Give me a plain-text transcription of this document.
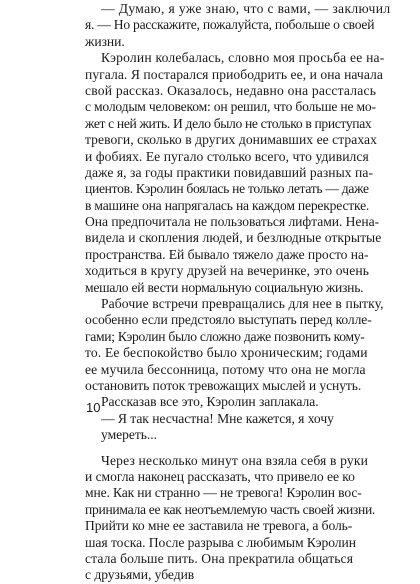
— Думаю, я уже знаю, что с вами, — заключил
я. — Но расскажите, пожалуйста, побольше о своей
жизни.
Кэролин колебалась, словно моя просьба ее на-
пугала. Я постарался приободрить ее, и она начала
свой рассказ. Оказалось, недавно она рассталась
с молодым человеком: он решил, что больше не мо-
жет с ней жить. И дело было не столько в приступах
тревоги, сколько в других донимавших ее страхах
и фобиях. Ее пугало столько всего, что удивился
даже я, за годы практики повидавший разных па-
циентов. Кэролин боялась не только летать — даже
в машине она напрягалась на каждом перекрестке.
Она предпочитала не пользоваться лифтами. Нена-
видела и скопления людей, и безлюдные открытые
пространства. Ей бывало тяжело даже просто на-
ходиться в кругу друзей на вечеринке, это очень
мешало ей вести нормальную социальную жизнь.
Рабочие встречи превращались для нее в пытку,
особенно если предстояло выступать перед колле-
гами; Кэролин было сложно даже позвонить кому-
то. Ее беспокойство было хроническим; годами
ее мучила бессонница, потому что она не могла
остановить поток тревожащих мыслей и уснуть.
Рассказав все это, Кэролин заплакала.
— Я так несчастна! Мне кажется, я хочу умереть...
Через несколько минут она взяла себя в руки
и смогла наконец рассказать, что привело ее ко
мне. Как ни странно — не тревога! Кэролин вос-
принимала ее как неотъемлемую часть своей жизни.
Прийти ко мне ее заставила не тревога, а боль-
шая тоска. После разрыва с любимым Кэролин
стала больше пить. Она прекратила общаться
с друзьями, убедив
10
